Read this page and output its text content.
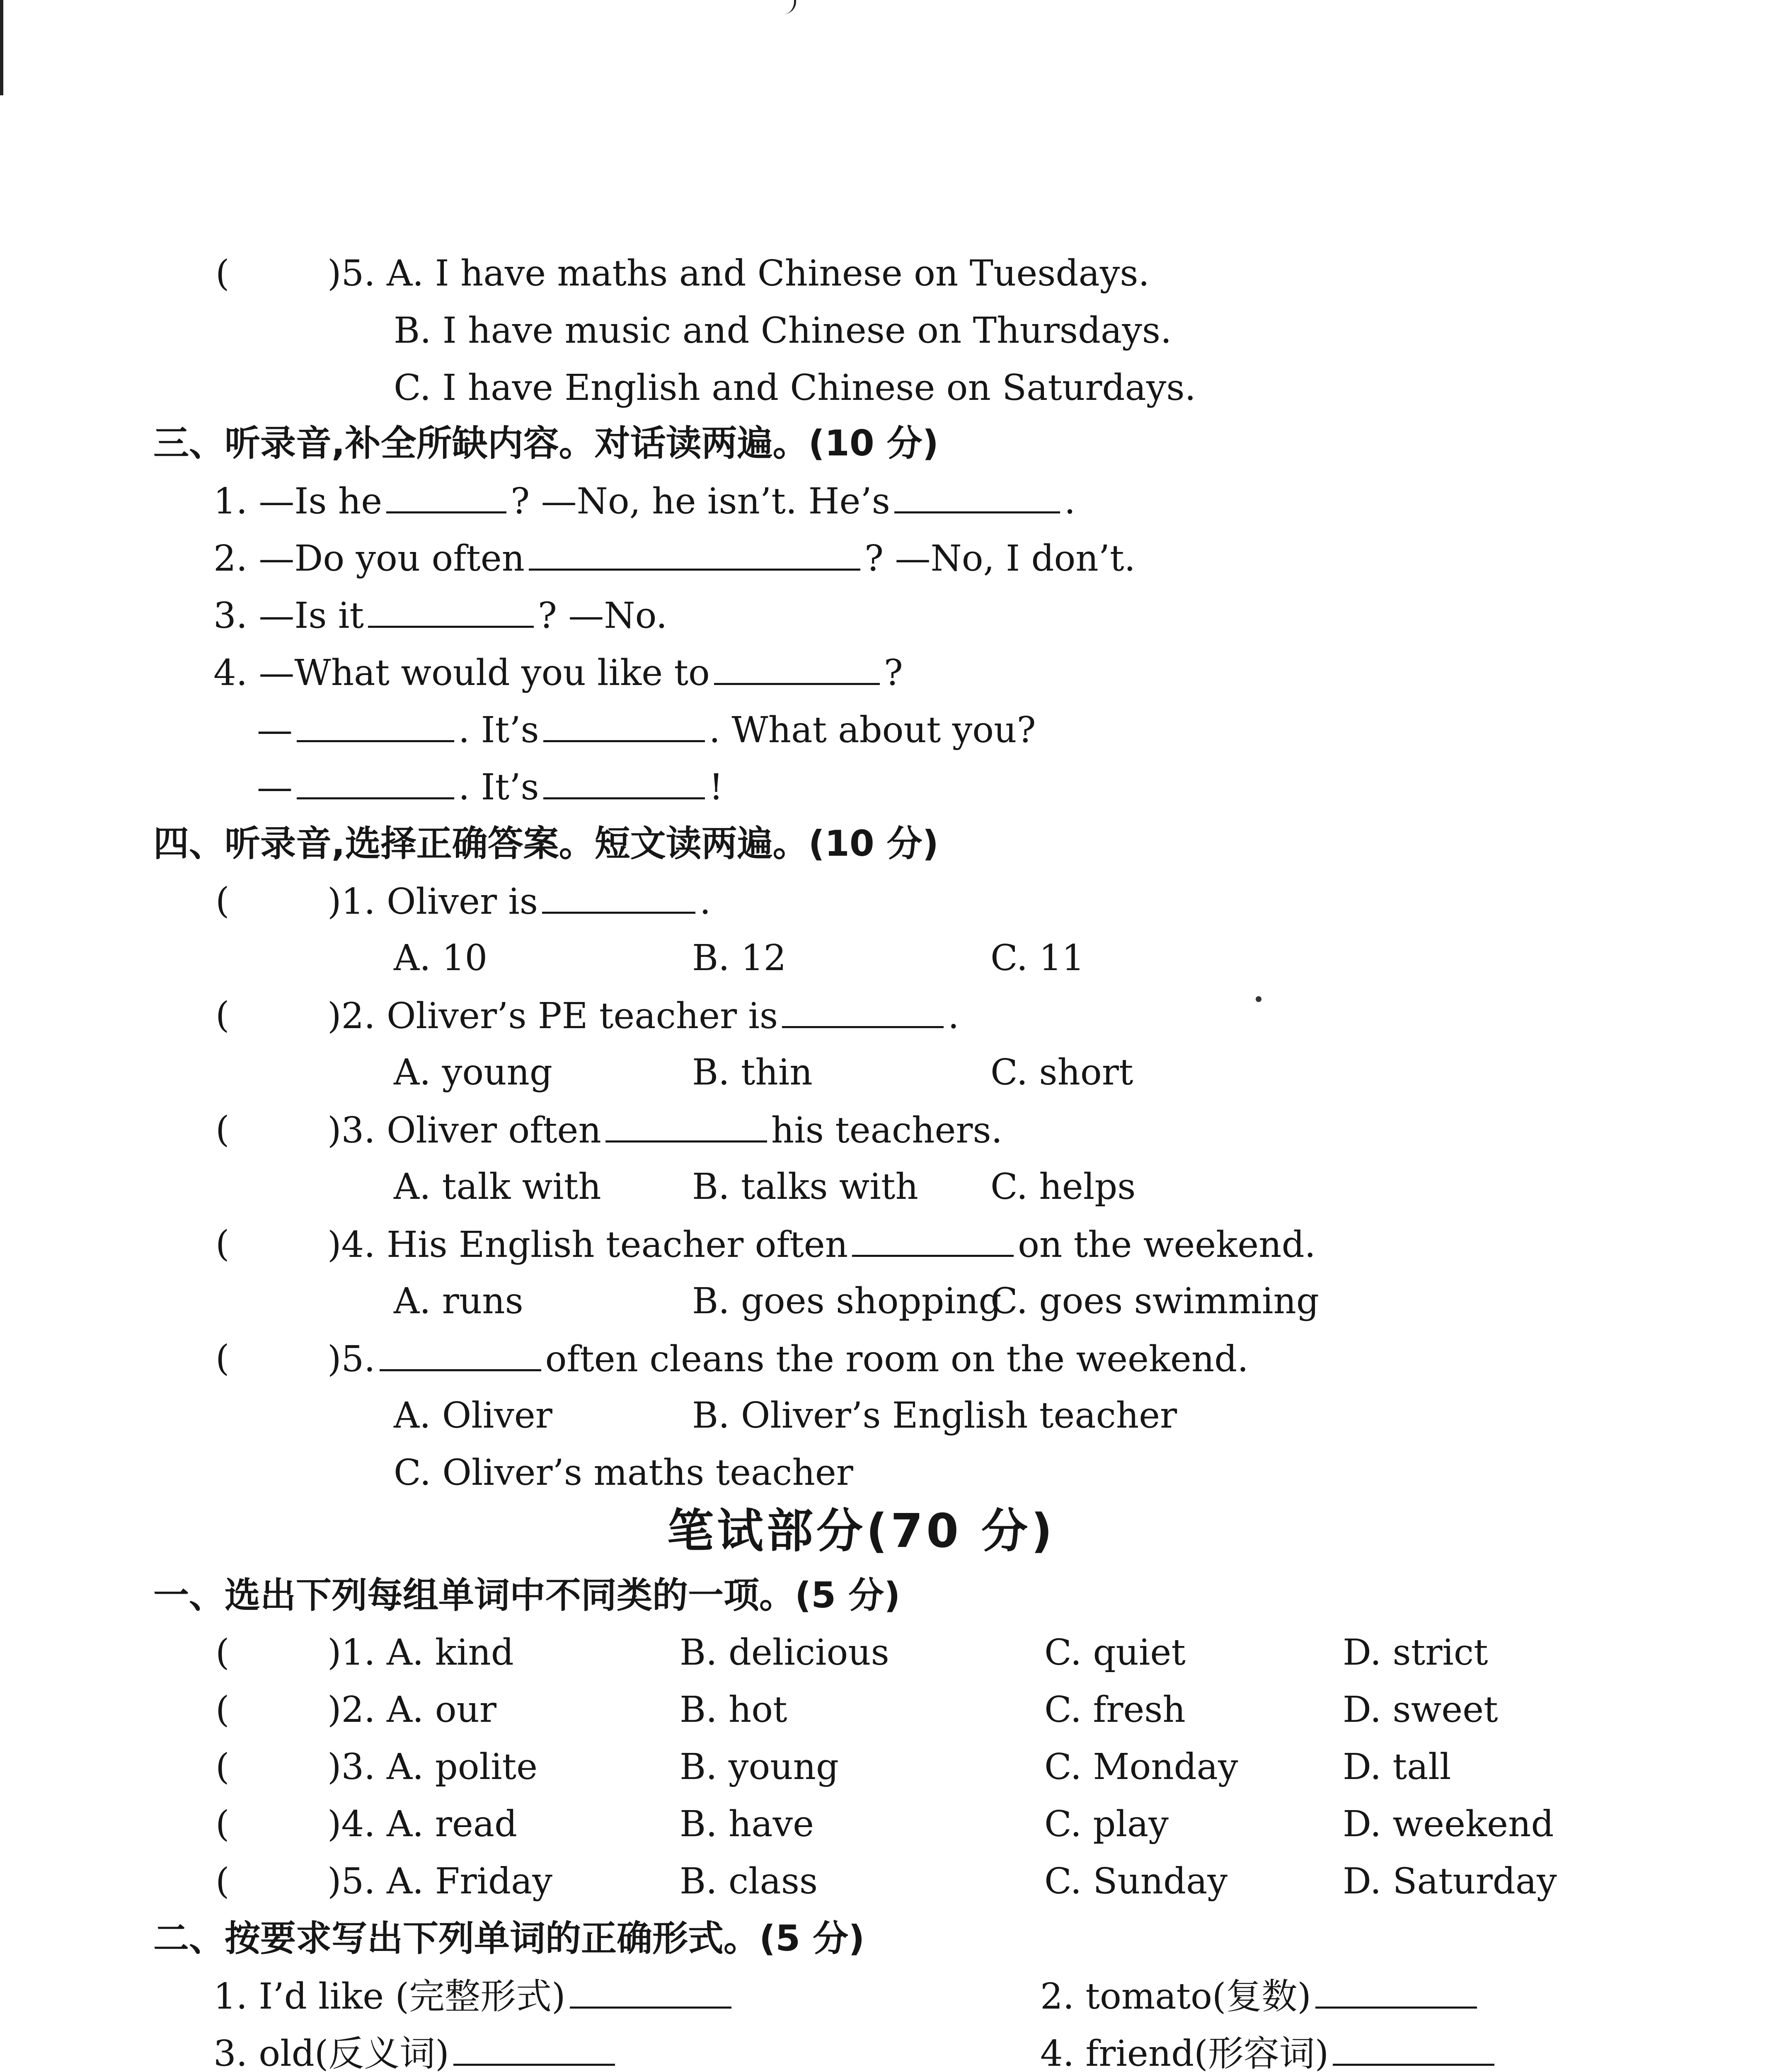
(	)5. A. I have maths and Chinese on Tuesdays.
B. I have music and Chinese on Thursdays.
C. I have English and Chinese on Saturdays.
三、听录音,补全所缺内容。对话读两遍。(10 分)
1. —Is he	? —No, he isn’t. He’s	.
2. —Do you often	? —No, I don’t.
3. —Is it	? —No.
4. —What would you like to	?
—	. It’s	. What about you?
—	. It’s	!
四、听录音,选择正确答案。短文读两遍。(10 分)
(	)1. Oliver is	.
A. 10	B. 12	C. 11
(	)2. Oliver’s PE teacher is	.
A. young	B. thin	C. short
(	)3. Oliver often	his teachers.
A. talk with	B. talks with C. helps
(	)4. His English teacher often	on the weekend.
A. runs	B. goes shopping
C. goes swimming
(	)5.	often cleans the room on the weekend.
A. Oliver	B. Oliver’s English teacher
C. Oliver’s maths teacher
笔试部分(70 分)
一、选出下列每组单词中不同类的一项。(5 分)
(	)1. A. kind	B. delicious	C. quiet	D. strict
(	)2. A. our	B. hot	C. fresh	D. sweet
(	)3. A. polite	B. young	C. Monday	D. tall
(	)4. A. read	B. have	C. play	D. weekend
(	)5. A. Friday	B. class	C. Sunday	D. Saturday
二、按要求写出下列单词的正确形式。(5 分)
1. I’d like (完整形式)	2. tomato(复数)
3. old(反义词)	4. friend(形容词)
